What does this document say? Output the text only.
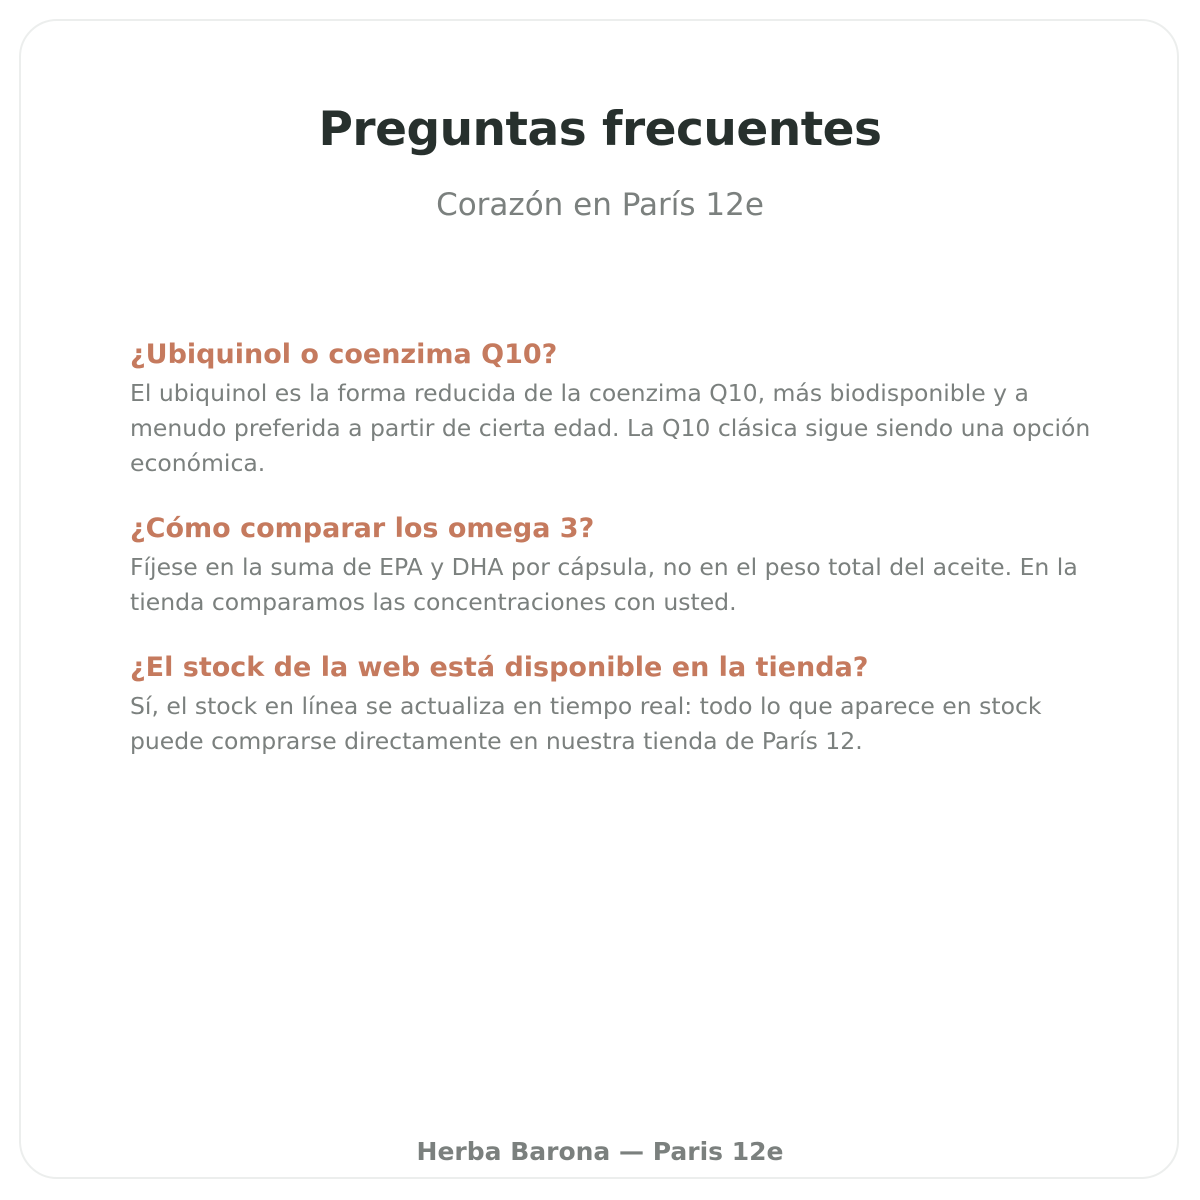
Preguntas frecuentes
Corazón en París 12e
¿Ubiquinol o coenzima Q10?

El ubiquinol es la forma reducida de la coenzima Q10, más biodisponible y a menudo preferida a partir de cierta edad. La Q10 clásica sigue siendo una opción económica.

¿Cómo comparar los omega 3?

Fíjese en la suma de EPA y DHA por cápsula, no en el peso total del aceite. En la tienda comparamos las concentraciones con usted.

¿El stock de la web está disponible en la tienda?

Sí, el stock en línea se actualiza en tiempo real: todo lo que aparece en stock puede comprarse directamente en nuestra tienda de París 12.

Herba Barona — Paris 12e
